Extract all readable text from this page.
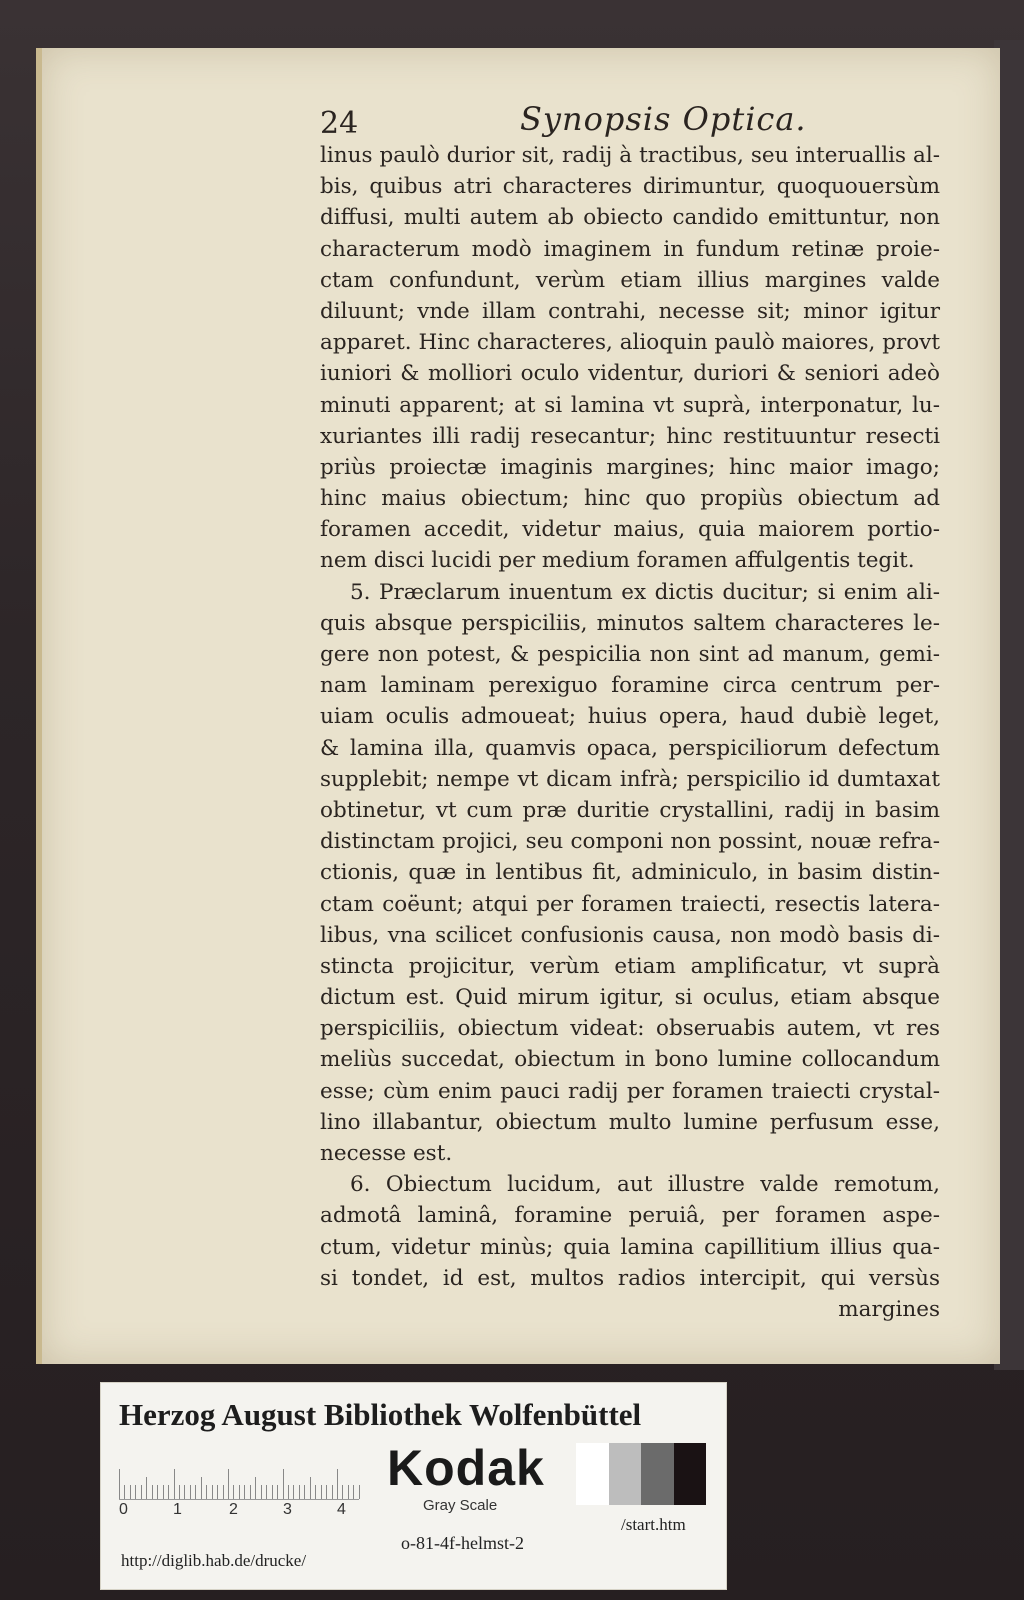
24	Synopsis Optica.
linus paulò durior sit, radij à tractibus, seu interuallis al-
bis, quibus atri characteres dirimuntur, quoquouersùm
diffusi, multi autem ab obiecto candido emittuntur, non
characterum modò imaginem in fundum retinæ proie-
ctam confundunt, verùm etiam illius margines valde
diluunt; vnde illam contrahi, necesse sit; minor igitur
apparet. Hinc characteres, alioquin paulò maiores, provt
iuniori & molliori oculo videntur, duriori & seniori adeò
minuti apparent; at si lamina vt suprà, interponatur, lu-
xuriantes illi radij resecantur; hinc restituuntur resecti
priùs proiectæ imaginis margines; hinc maior imago;
hinc maius obiectum; hinc quo propiùs obiectum ad
foramen accedit, videtur maius, quia maiorem portio-
nem disci lucidi per medium foramen affulgentis tegit.
5. Præclarum inuentum ex dictis ducitur; si enim ali-
quis absque perspiciliis, minutos saltem characteres le-
gere non potest, & pespicilia non sint ad manum, gemi-
nam laminam perexiguo foramine circa centrum per-
uiam oculis admoueat; huius opera, haud dubiè leget,
& lamina illa, quamvis opaca, perspiciliorum defectum
supplebit; nempe vt dicam infrà; perspicilio id dumtaxat
obtinetur, vt cum præ duritie crystallini, radij in basim
distinctam projici, seu componi non possint, nouæ refra-
ctionis, quæ in lentibus fit, adminiculo, in basim distin-
ctam coëunt; atqui per foramen traiecti, resectis latera-
libus, vna scilicet confusionis causa, non modò basis di-
stincta projicitur, verùm etiam amplificatur, vt suprà
dictum est. Quid mirum igitur, si oculus, etiam absque
perspiciliis, obiectum videat: obseruabis autem, vt res
meliùs succedat, obiectum in bono lumine collocandum
esse; cùm enim pauci radij per foramen traiecti crystal-
lino illabantur, obiectum multo lumine perfusum esse,
necesse est.
6. Obiectum lucidum, aut illustre valde remotum,
admotâ laminâ, foramine peruiâ, per foramen aspe-
ctum, videtur minùs; quia lamina capillitium illius qua-
si tondet, id est, multos radios intercipit, qui versùs
margines
Herzog August Bibliothek Wolfenbüttel
0	1	2	3	4
Kodak
Gray Scale
http://diglib.hab.de/drucke/
o-81-4f-helmst-2
/start.htm
